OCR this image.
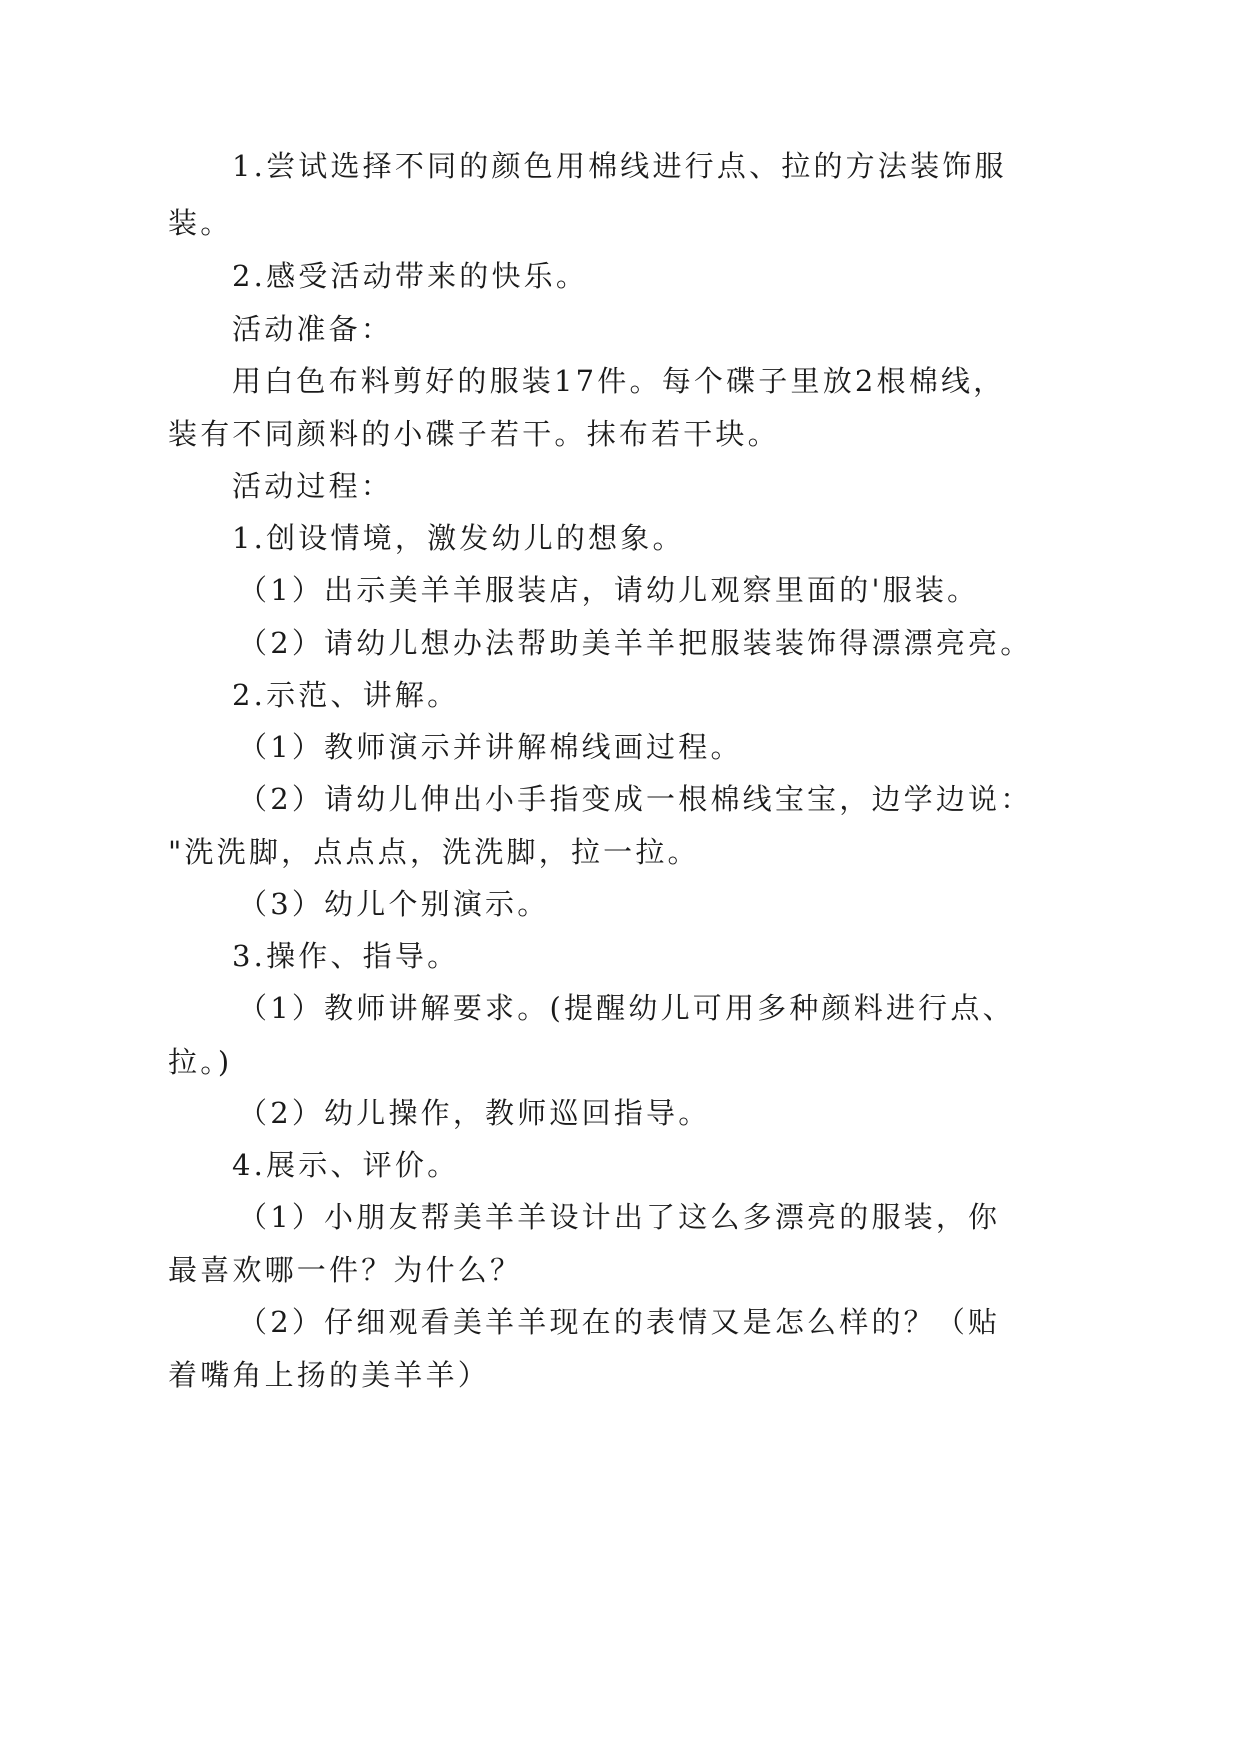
1.尝试选择不同的颜色用棉线进行点、拉的方法装饰服
装。
2.感受活动带来的快乐。
活动准备：
用白色布料剪好的服装17件。每个碟子里放2根棉线，
装有不同颜料的小碟子若干。抹布若干块。
活动过程：
1.创设情境，激发幼儿的想象。
（1）出示美羊羊服装店，请幼儿观察里面的'服装。
（2）请幼儿想办法帮助美羊羊把服装装饰得漂漂亮亮。
2.示范、讲解。
（1）教师演示并讲解棉线画过程。
（2）请幼儿伸出小手指变成一根棉线宝宝，边学边说：
"洗洗脚，点点点，洗洗脚，拉一拉。
（3）幼儿个别演示。
3.操作、指导。
（1）教师讲解要求。(提醒幼儿可用多种颜料进行点、
拉。)
（2）幼儿操作，教师巡回指导。
4.展示、评价。
（1）小朋友帮美羊羊设计出了这么多漂亮的服装，你
最喜欢哪一件？为什么？
（2）仔细观看美羊羊现在的表情又是怎么样的？（贴
着嘴角上扬的美羊羊）
